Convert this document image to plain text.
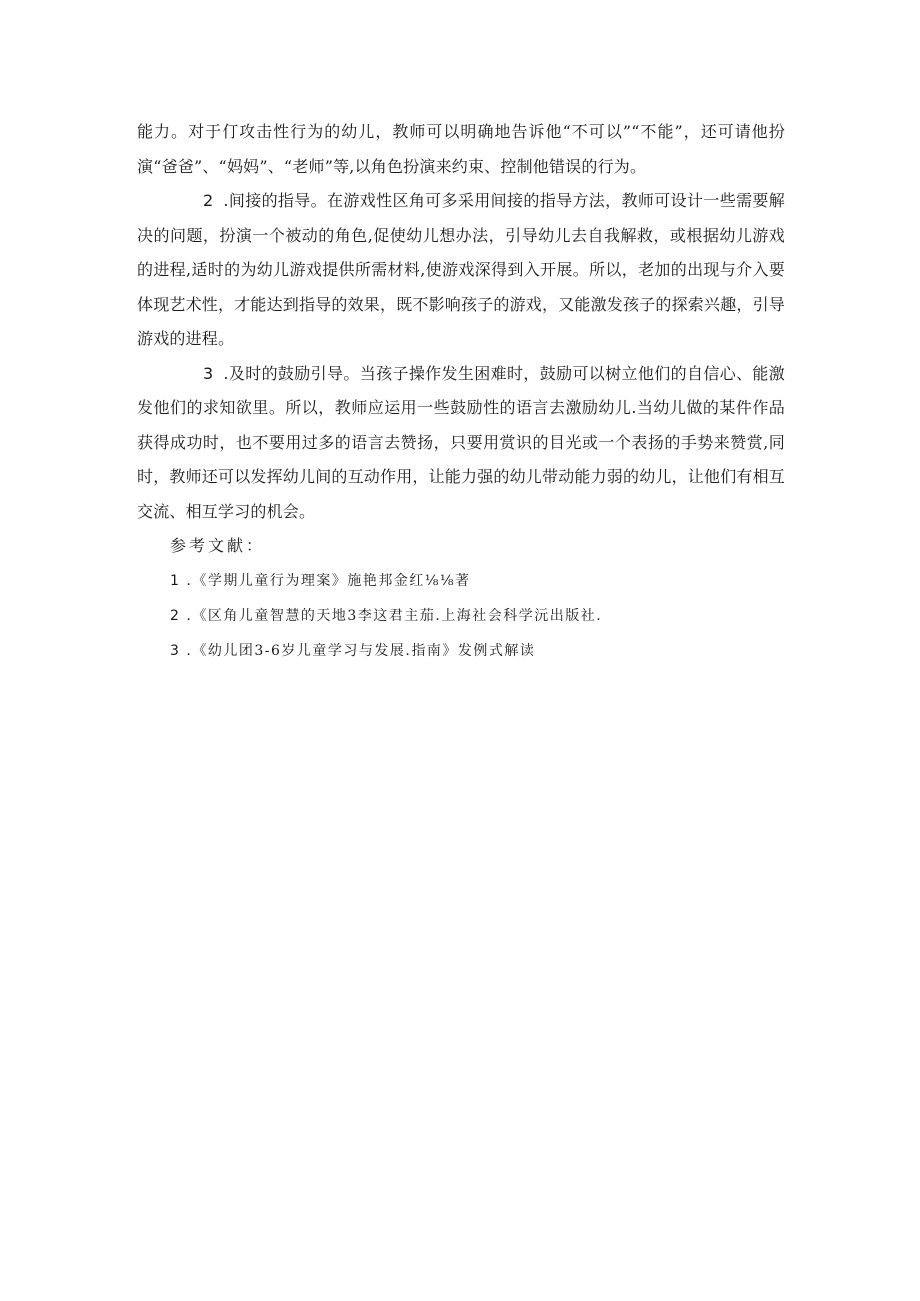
能力。对于仃攻击性行为的幼儿，教师可以明确地告诉他“不可以”“不能”，还可请他扮演“爸爸”、“妈妈”、“老师”等,以角色扮演来约束、控制他错误的行为。

2 .间接的指导。在游戏性区角可多采用间接的指导方法，教师可设计一些需要解决的问题，扮演一个被动的角色,促使幼儿想办法，引导幼儿去自我解救，或根据幼儿游戏的进程,适时的为幼儿游戏提供所需材料,使游戏深得到入开展。所以，老加的出现与介入要体现艺术性，才能达到指导的效果，既不影响孩子的游戏，又能激发孩子的探索兴趣，引导游戏的进程。

3 .及时的鼓励引导。当孩子操作发生困难时，鼓励可以树立他们的自信心、能激发他们的求知欲里。所以，教师应运用一些鼓励性的语言去激励幼儿.当幼儿做的某件作品获得成功时，也不要用过多的语言去赞扬，只要用赏识的目光或一个表扬的手势来赞赏,同时，教师还可以发挥幼儿间的互动作用，让能力强的幼儿带动能力弱的幼儿，让他们有相互交流、相互学习的机会。

参考文献：

1 .《学期儿童行为理案》施艳邦金红⅛⅛著
2 .《区角儿童智慧的天地3李这君主茄.上海社会科学沅出版社.
3 .《幼儿团3-6岁儿童学习与发展.指南》发例式解读
